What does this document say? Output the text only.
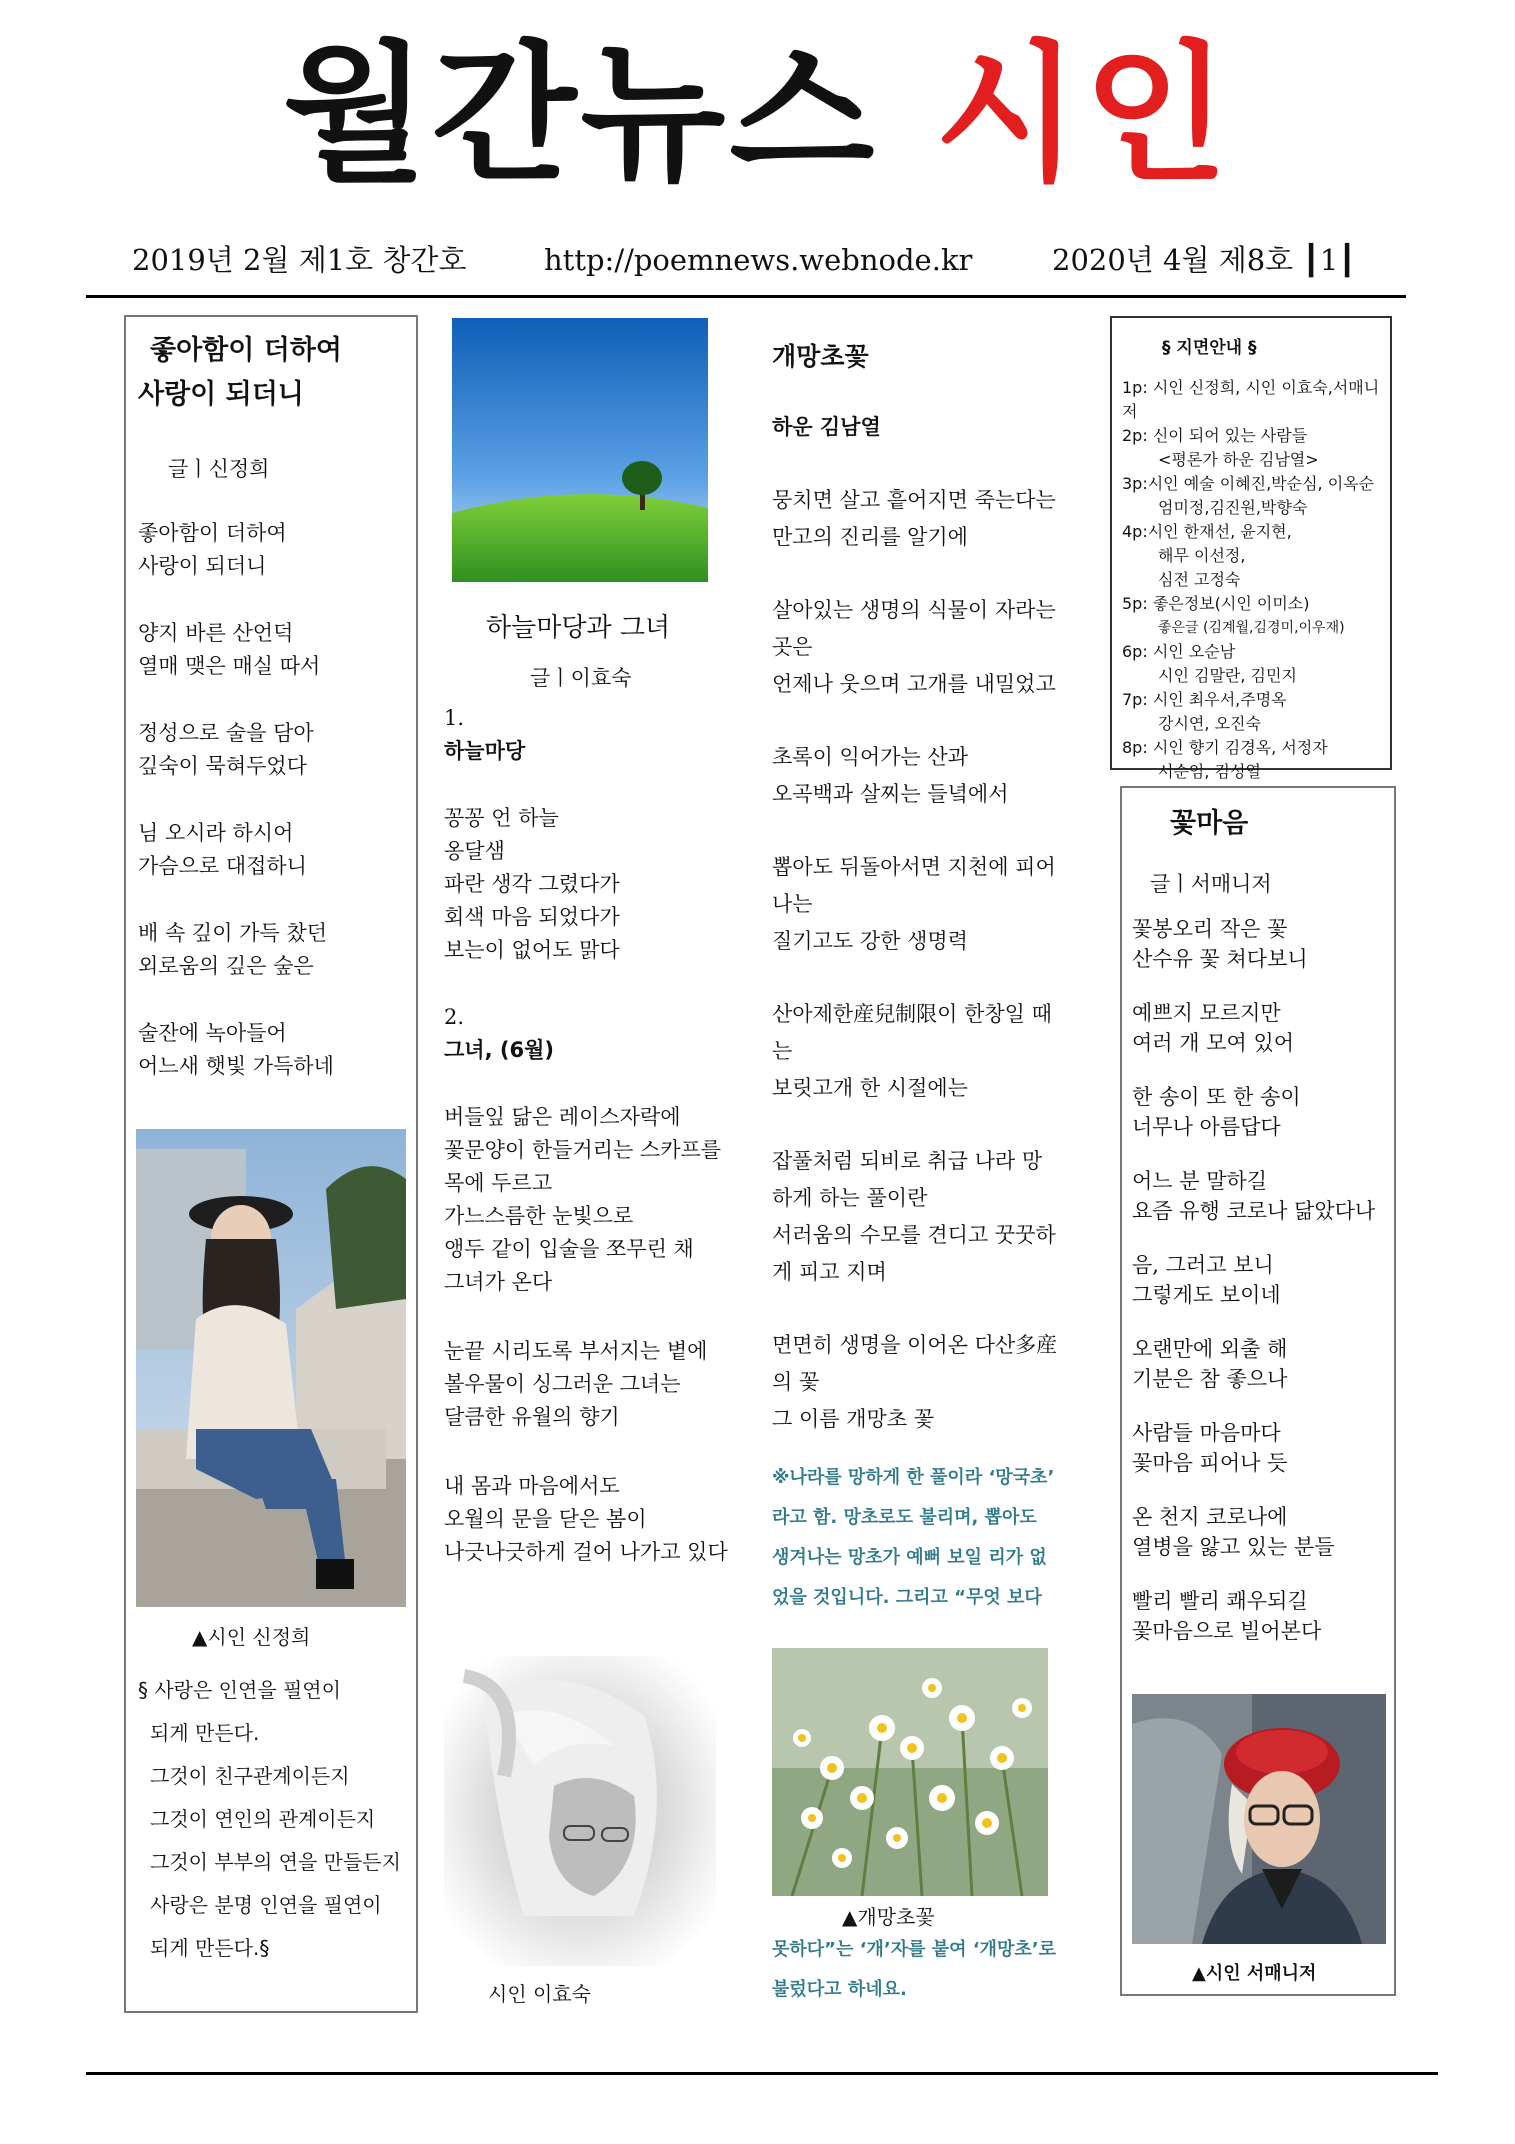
월간뉴스 시인
2019년 2월 제1호 창간호	http://poemnews.webnode.kr	2020년 4월 제8호 ┃1┃
좋아함이 더하여
사랑이 되더니
글ㅣ신정희

좋아함이 더하여

사랑이 되더니

양지 바른 산언덕

열매 맺은 매실 따서

정성으로 술을 담아

깊숙이 묵혀두었다

님 오시라 하시어

가슴으로 대접하니

배 속 깊이 가득 찼던

외로움의 깊은 숲은

술잔에 녹아들어

어느새 햇빛 가득하네

▲시인 신정희

§ 사랑은 인연을 필연이

되게 만든다.

그것이 친구관계이든지

그것이 연인의 관계이든지

그것이 부부의 연을 만들든지

사랑은 분명 인연을 필연이

되게 만든다.§

하늘마당과 그녀
글ㅣ이효숙

1.

하늘마당

꽁꽁 언 하늘

옹달샘

파란 생각 그렸다가

회색 마음 되었다가

보는이 없어도 맑다

2.

그녀, (6월)

버들잎 닮은 레이스자락에

꽃문양이 한들거리는 스카프를

목에 두르고

가느스름한 눈빛으로

앵두 같이 입술을 쪼무린 채

그녀가 온다

눈끝 시리도록 부서지는 볕에

볼우물이 싱그러운 그녀는

달큼한 유월의 향기

내 몸과 마음에서도

오월의 문을 닫은 봄이

나긋나긋하게 걸어 나가고 있다

시인 이효숙

개망초꽃

하운 김남열

뭉치면 살고 흩어지면 죽는다는

만고의 진리를 알기에

살아있는 생명의 식물이 자라는

곳은

언제나 웃으며 고개를 내밀었고

초록이 익어가는 산과

오곡백과 살찌는 들녘에서

뽑아도 뒤돌아서면 지천에 피어

나는

질기고도 강한 생명력

산아제한産兒制限이 한창일 때

는

보릿고개 한 시절에는

잡풀처럼 되비로 취급 나라 망

하게 하는 풀이란

서러움의 수모를 견디고 꿋꿋하

게 피고 지며

면면히 생명을 이어온 다산多産

의 꽃

그 이름 개망초 꽃

※나라를 망하게 한 풀이라 ‘망국초’

라고 함. 망초로도 불리며, 뽑아도

생겨나는 망초가 예뻐 보일 리가 없

었을 것입니다. 그리고 “무엇 보다

▲개망초꽃

못하다”는 ‘개’자를 붙여 ‘개망초’로

불렀다고 하네요.

§ 지면안내 §

1p: 시인 신정희, 시인 이효숙,서매니저

2p: 신이 되어 있는 사람들

<평론가 하운 김남열>

3p:시인 예술 이혜진,박순심, 이옥순

엄미정,김진원,박향숙

4p:시인 한재선, 윤지현,

해무 이선정,

심전 고정숙

5p: 좋은정보(시인 이미소)

좋은글 (김계월,김경미,이우재)

6p: 시인 오순남

시인 김말란, 김민지

7p: 시인 최우서,주명옥

강시연, 오진숙

8p: 시인 향기 김경옥, 서정자

서순임, 김성열

꽃마음
글ㅣ서매니저

꽃봉오리 작은 꽃

산수유 꽃 쳐다보니

예쁘지 모르지만

여러 개 모여 있어

한 송이 또 한 송이

너무나 아름답다

어느 분 말하길

요즘 유행 코로나 닮았다나

음, 그러고 보니

그렇게도 보이네

오랜만에 외출 해

기분은 참 좋으나

사람들 마음마다

꽃마음 피어나 듯

온 천지 코로나에

열병을 앓고 있는 분들

빨리 빨리 쾌우되길

꽃마음으로 빌어본다

▲시인 서매니저
